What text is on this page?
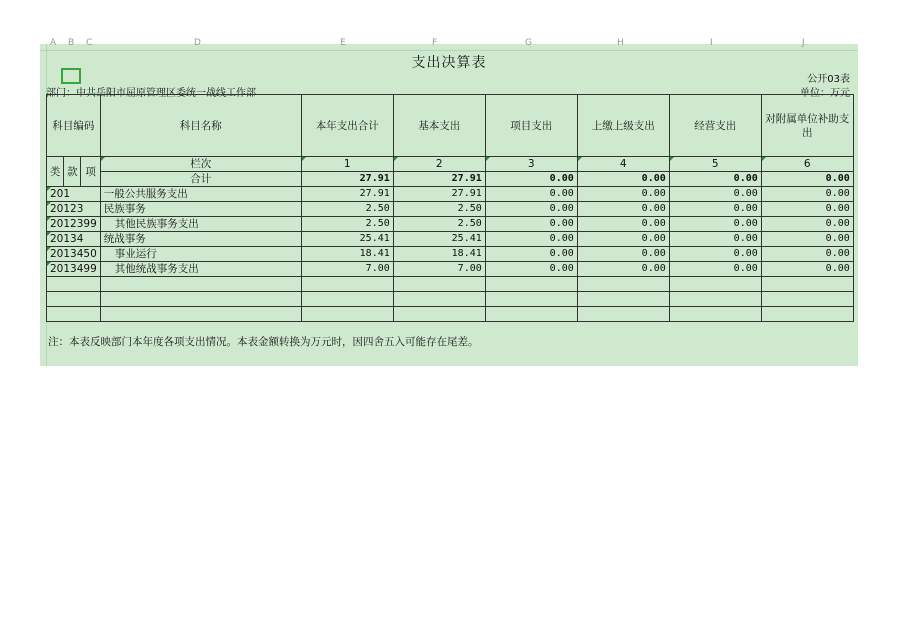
A B C	D	E	F	G	H	I	J
支出决算表
公开03表
部门：中共岳阳市屈原管理区委统一战线工作部	单位：万元
科目编码			科目名称	本年支出合计	基本支出	项目支出	上缴上级支出	经营支出	对附属单位补助支出

类	款	项	栏次	1	2	3	4	5	6
			合计	27.91	27.91	0.00	0.00	0.00	0.00
201			一般公共服务支出	27.91	27.91	0.00	0.00	0.00	0.00
20123			民族事务	2.50	2.50	0.00	0.00	0.00	0.00
2012399			其他民族事务支出	2.50	2.50	0.00	0.00	0.00	0.00
20134			统战事务	25.41	25.41	0.00	0.00	0.00	0.00
2013450			事业运行	18.41	18.41	0.00	0.00	0.00	0.00
2013499			其他统战事务支出	7.00	7.00	0.00	0.00	0.00	0.00

注：本表反映部门本年度各项支出情况。本表金额转换为万元时，因四舍五入可能存在尾差。
